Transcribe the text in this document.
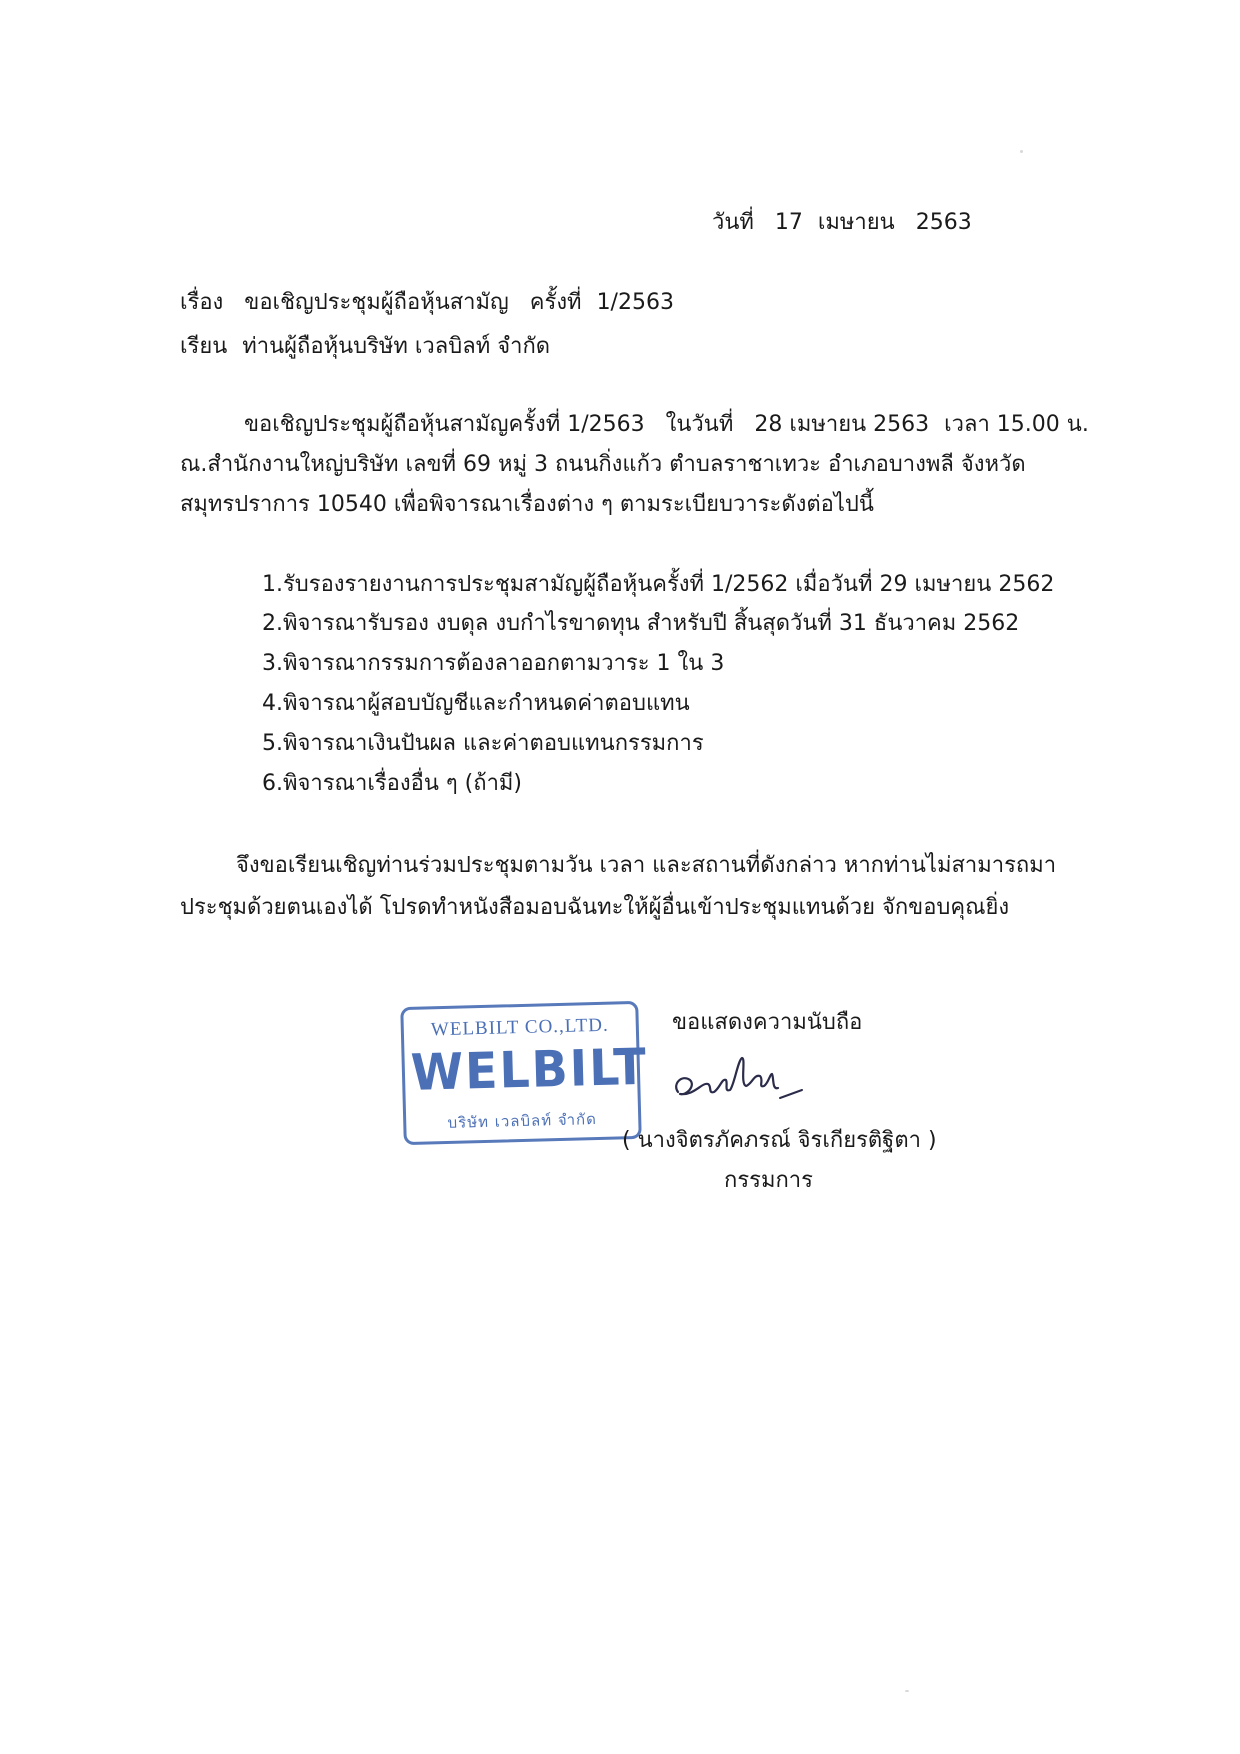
วันที่ 17 เมษายน 2563
เรื่อง ขอเชิญประชุมผู้ถือหุ้นสามัญ ครั้งที่ 1/2563
เรียน ท่านผู้ถือหุ้นบริษัท เวลบิลท์ จำกัด
ขอเชิญประชุมผู้ถือหุ้นสามัญครั้งที่ 1/2563 ในวันที่ 28 เมษายน 2563 เวลา 15.00 น.
ณ.สำนักงานใหญ่บริษัท เลขที่ 69 หมู่ 3 ถนนกิ่งแก้ว ตำบลราชาเทวะ อำเภอบางพลี จังหวัด
สมุทรปราการ 10540 เพื่อพิจารณาเรื่องต่าง ๆ ตามระเบียบวาระดังต่อไปนี้
1.รับรองรายงานการประชุมสามัญผู้ถือหุ้นครั้งที่ 1/2562 เมื่อวันที่ 29 เมษายน 2562
2.พิจารณารับรอง งบดุล งบกำไรขาดทุน สำหรับปี สิ้นสุดวันที่ 31 ธันวาคม 2562
3.พิจารณากรรมการต้องลาออกตามวาระ 1 ใน 3
4.พิจารณาผู้สอบบัญชีและกำหนดค่าตอบแทน
5.พิจารณาเงินปันผล และค่าตอบแทนกรรมการ
6.พิจารณาเรื่องอื่น ๆ (ถ้ามี)
จึงขอเรียนเชิญท่านร่วมประชุมตามวัน เวลา และสถานที่ดังกล่าว หากท่านไม่สามารถมา
ประชุมด้วยตนเองได้ โปรดทำหนังสือมอบฉันทะให้ผู้อื่นเข้าประชุมแทนด้วย จักขอบคุณยิ่ง
WELBILT CO.,LTD.
WELBILT
บริษัท เวลบิลท์ จำกัด
ขอแสดงความนับถือ
( นางจิตรภัคภรณ์ จิรเกียรติฐิตา )
กรรมการ
